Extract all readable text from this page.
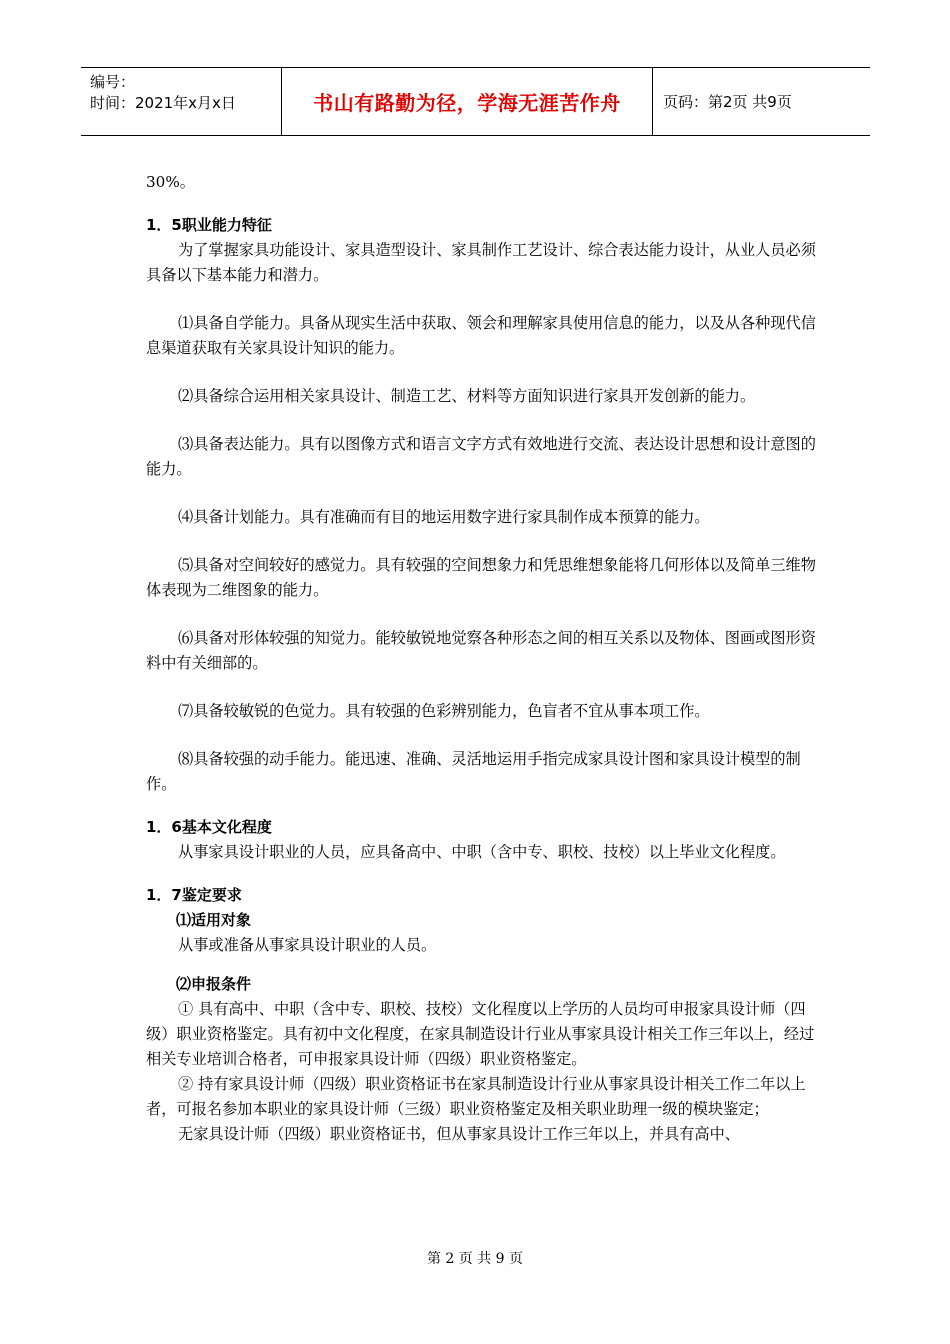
编号：
时间：2021年x月x日	书山有路勤为径，学海无涯苦作舟	页码：第2页 共9页

30%。

1．5职业能力特征

为了掌握家具功能设计、家具造型设计、家具制作工艺设计、综合表达能力设计，从业人员必须具备以下基本能力和潜力。

⑴具备自学能力。具备从现实生活中获取、领会和理解家具使用信息的能力，以及从各种现代信息渠道获取有关家具设计知识的能力。

⑵具备综合运用相关家具设计、制造工艺、材料等方面知识进行家具开发创新的能力。

⑶具备表达能力。具有以图像方式和语言文字方式有效地进行交流、表达设计思想和设计意图的能力。

⑷具备计划能力。具有准确而有目的地运用数字进行家具制作成本预算的能力。

⑸具备对空间较好的感觉力。具有较强的空间想象力和凭思维想象能将几何形体以及简单三维物体表现为二维图象的能力。

⑹具备对形体较强的知觉力。能较敏锐地觉察各种形态之间的相互关系以及物体、图画或图形资料中有关细部的。

⑺具备较敏锐的色觉力。具有较强的色彩辨别能力，色盲者不宜从事本项工作。

⑻具备较强的动手能力。能迅速、准确、灵活地运用手指完成家具设计图和家具设计模型的制作。

1．6基本文化程度

从事家具设计职业的人员，应具备高中、中职（含中专、职校、技校）以上毕业文化程度。

1．7鉴定要求

⑴适用对象

从事或准备从事家具设计职业的人员。

⑵申报条件

① 具有高中、中职（含中专、职校、技校）文化程度以上学历的人员均可申报家具设计师（四级）职业资格鉴定。具有初中文化程度，在家具制造设计行业从事家具设计相关工作三年以上，经过相关专业培训合格者，可申报家具设计师（四级）职业资格鉴定。

② 持有家具设计师（四级）职业资格证书在家具制造设计行业从事家具设计相关工作二年以上者，可报名参加本职业的家具设计师（三级）职业资格鉴定及相关职业助理一级的模块鉴定；

无家具设计师（四级）职业资格证书，但从事家具设计工作三年以上，并具有高中、

第 2 页 共 9 页
